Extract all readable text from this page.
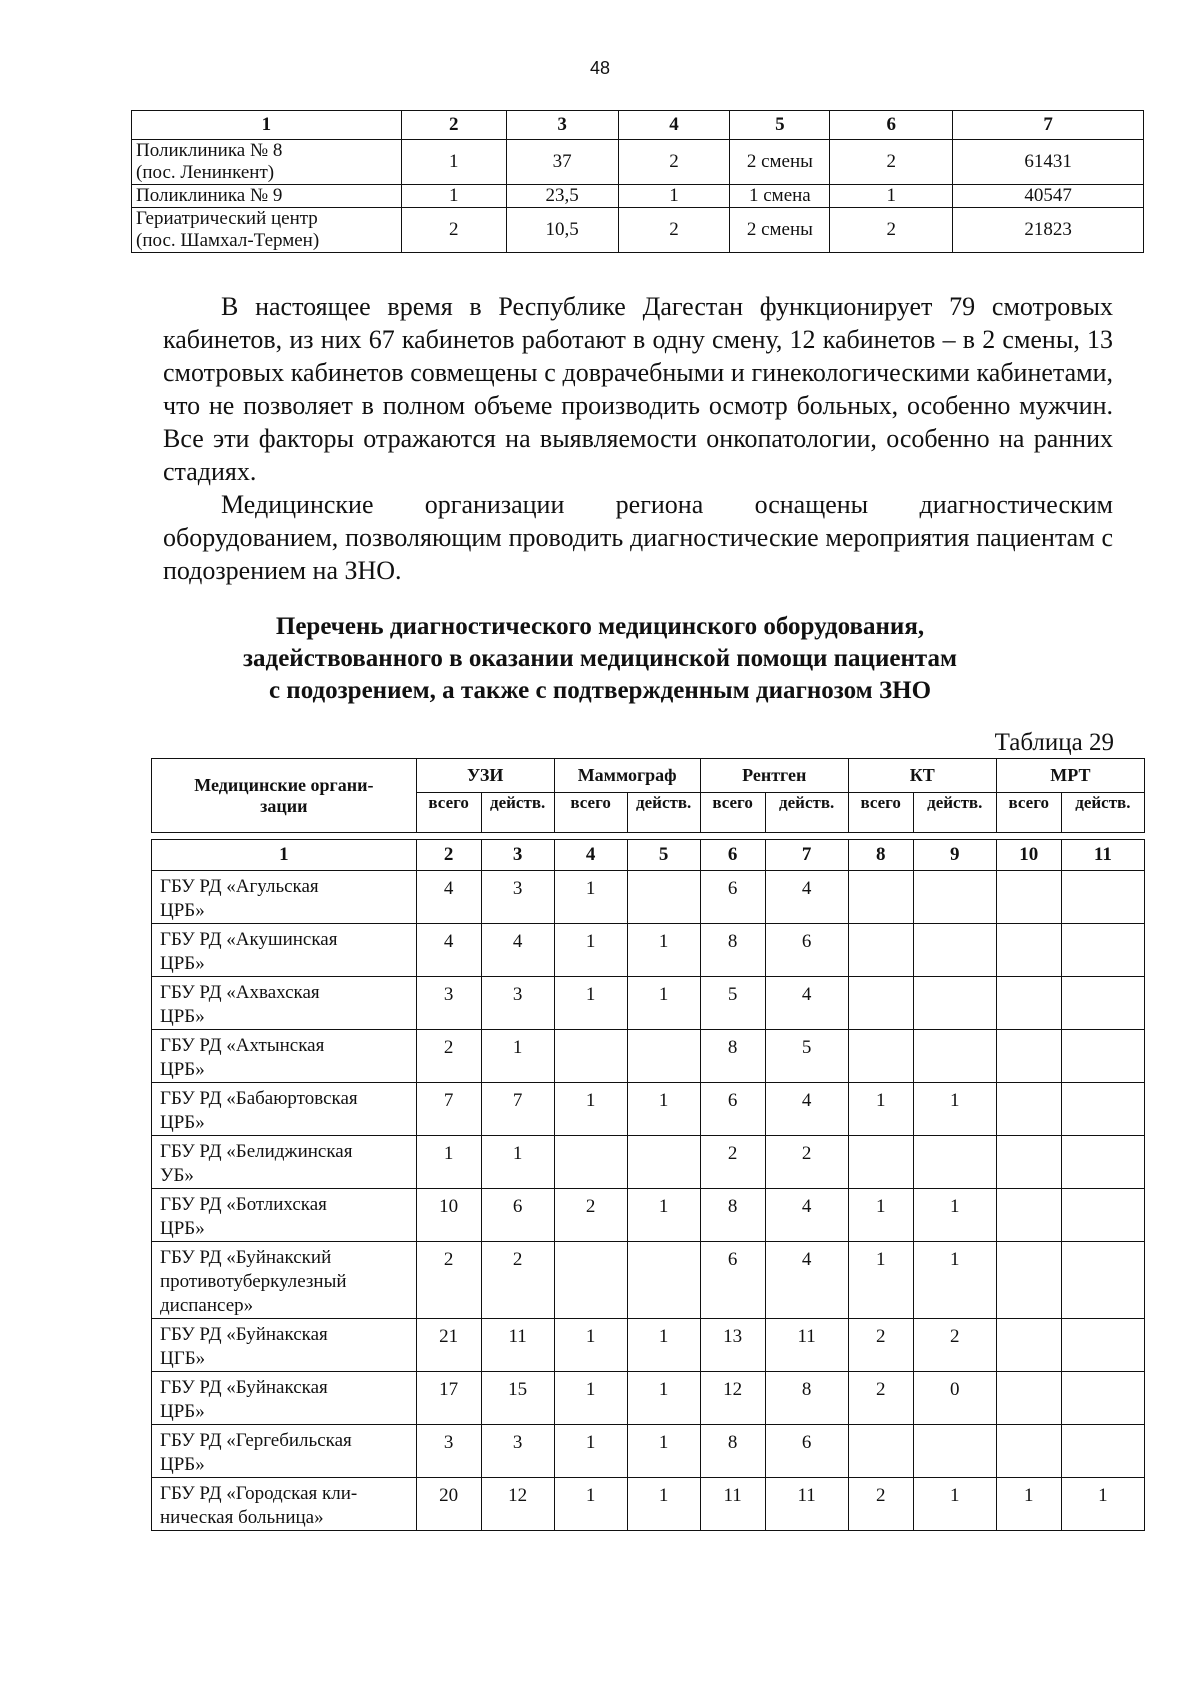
48
1	2	3	4	5	6	7

Поликлиника № 8
(пос. Ленинкент)	1	37	2	2 смены	2	61431

Поликлиника № 9	1	23,5	1	1 смена	1	40547

Гериатрический центр
(пос. Шамхал-Термен)	2	10,5	2	2 смены	2	21823

В настоящее время в Республике Дагестан функционирует 79 смотровых кабинетов, из них 67 кабинетов работают в одну смену, 12 кабинетов – в 2 смены, 13 смотровых кабинетов совмещены с доврачебными и гинекологическими кабинетами, что не позволяет в полном объеме производить осмотр больных, особенно мужчин. Все эти факторы отражаются на выявляемости онкопатологии, особенно на ранних стадиях.

Медицинские организации региона оснащены диагностическим оборудованием, позволяющим проводить диагностические мероприятия пациентам с подозрением на ЗНО.

Перечень диагностического медицинского оборудования,
задействованного в оказании медицинской помощи пациентам
с подозрением, а также с подтвержденным диагнозом ЗНО
Таблица 29
Медицинские органи-
зации	УЗИ		Маммограф		Рентген		КТ		МРТ	
	всего	действ.	всего	действ.	всего	действ.	всего	действ.	всего	действ.

1	2	3	4	5	6	7	8	9	10	11

ГБУ РД «Агульская
ЦРБ»	4	3	1		6	4				

ГБУ РД «Акушинская
ЦРБ»	4	4	1	1	8	6				

ГБУ РД «Ахвахская
ЦРБ»	3	3	1	1	5	4				

ГБУ РД «Ахтынская
ЦРБ»	2	1			8	5				

ГБУ РД «Бабаюртовская
ЦРБ»	7	7	1	1	6	4	1	1		

ГБУ РД «Белиджинская
УБ»	1	1			2	2				

ГБУ РД «Ботлихская
ЦРБ»	10	6	2	1	8	4	1	1		

ГБУ РД «Буйнакский
противотуберкулезный
диспансер»	2	2			6	4	1	1		

ГБУ РД «Буйнакская
ЦГБ»	21	11	1	1	13	11	2	2		

ГБУ РД «Буйнакская
ЦРБ»	17	15	1	1	12	8	2	0		

ГБУ РД «Гергебильская
ЦРБ»	3	3	1	1	8	6				

ГБУ РД «Городская кли-
ническая больница»	20	12	1	1	11	11	2	1	1	1
